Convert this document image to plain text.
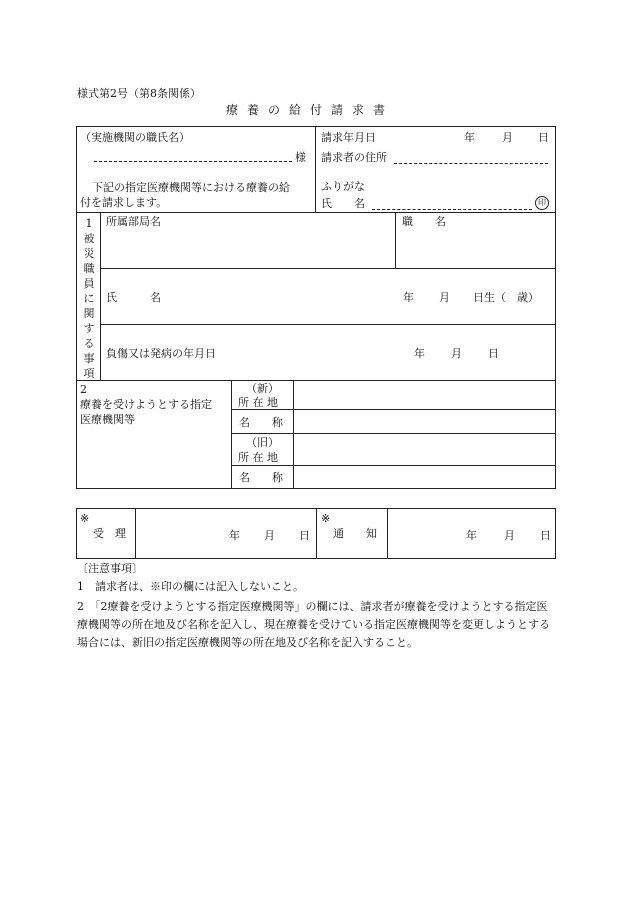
様式第2号（第8条関係）
療養の給付請求書
（実施機関の職氏名）
様
下記の指定医療機関等における療養の給
付を請求します。
請求年月日	年 月 日
請求者の住所
ふりがな
氏　　名	印
1被災職員に関する事項
所属部局名	職　　名
氏　　　名	年 月 日生（　歳）
負傷又は発病の年月日	年 月 日
2
療養を受けようとする指定
医療機関等
（新）
所 在 地
名　　称
（旧）
所 在 地
名　　称
※
受　理	年 月 日
※
通　　知	年 月 日
〔注意事項〕
1　請求者は、※印の欄には記入しないこと。
2　「2療養を受けようとする指定医療機関等」の欄には、請求者が療養を受けようとする指定医療機関等の所在地及び名称を記入し、現在療養を受けている指定医療機関等を変更しようとする場合には、新旧の指定医療機関等の所在地及び名称を記入すること。
